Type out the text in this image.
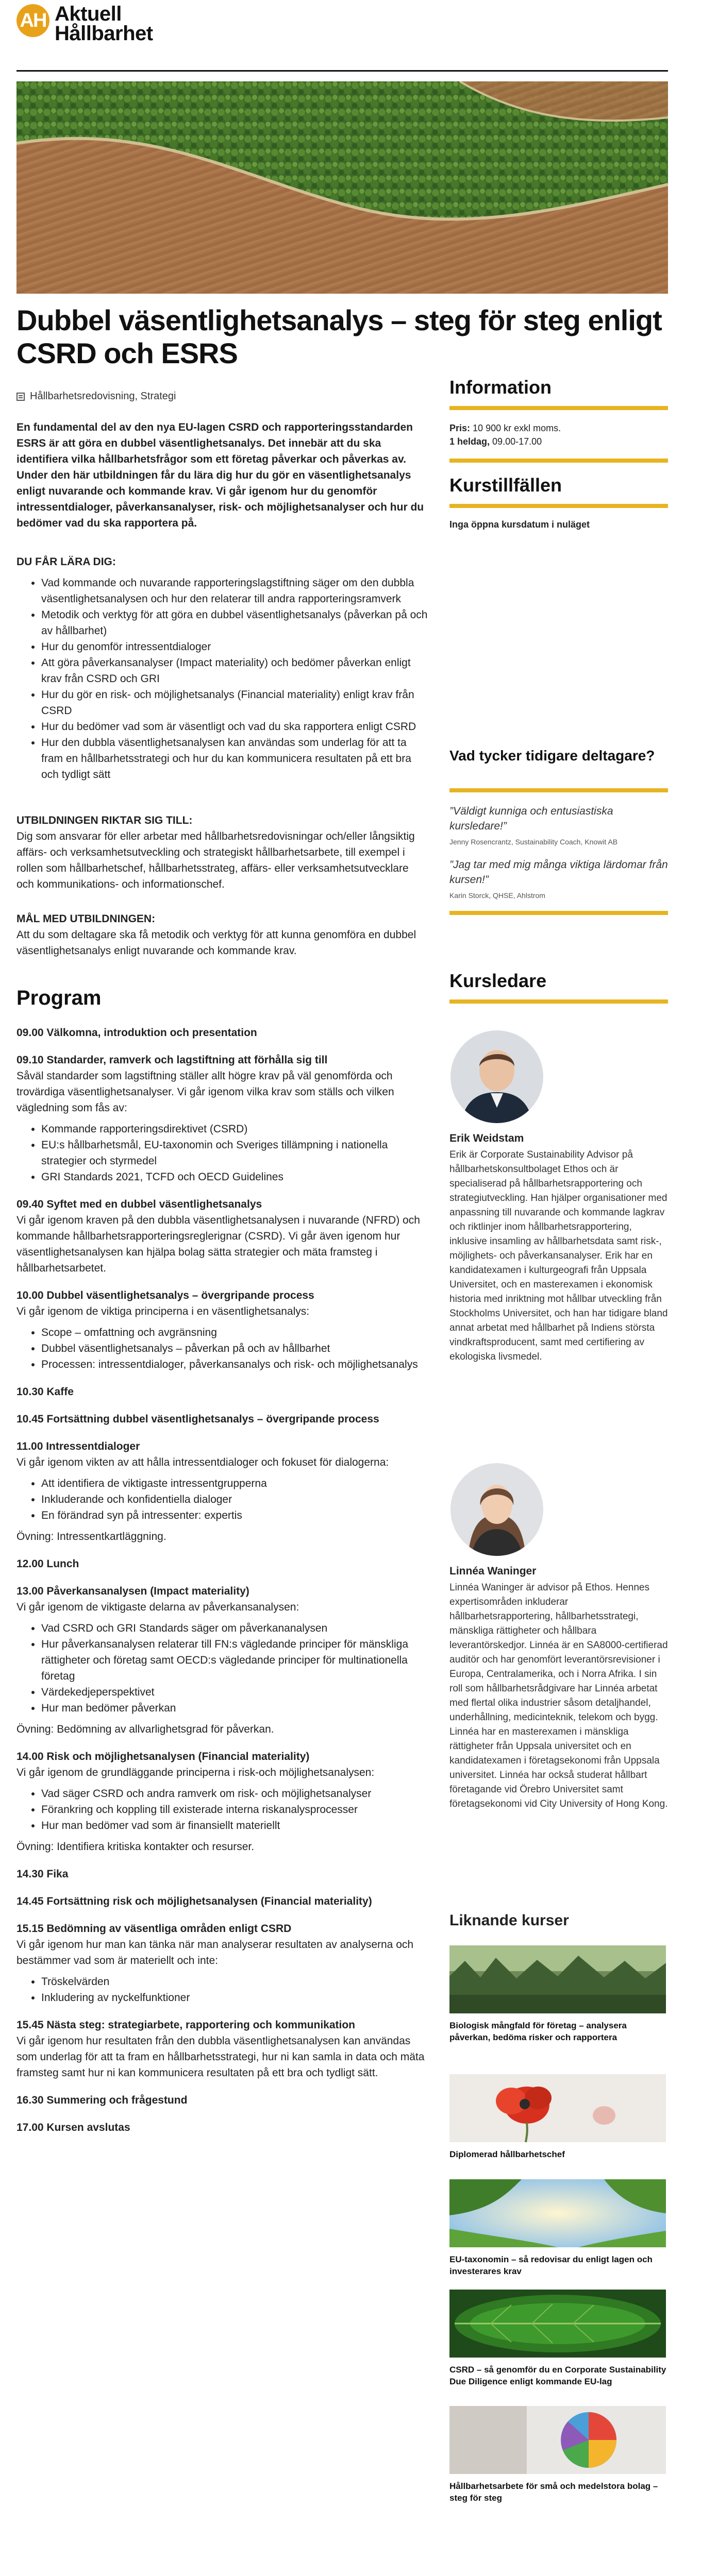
AH Aktuell
Hållbarhet
Dubbel väsentlighetsanalys – steg för steg enligt CSRD och ESRS
Hållbarhetsredovisning, Strategi

En fundamental del av den nya EU-lagen CSRD och rapporteringsstandarden ESRS är att göra en dubbel väsentlighetsanalys. Det innebär att du ska identifiera vilka hållbarhetsfrågor som ett företag påverkar och påverkas av. Under den här utbildningen får du lära dig hur du gör en väsentlighetsanalys enligt nuvarande och kommande krav. Vi går igenom hur du genomför intressentdialoger, påverkansanalyser, risk- och möjlighetsanalyser och hur du bedömer vad du ska rapportera på.

DU FÅR LÄRA DIG:

• Vad kommande och nuvarande rapporteringslagstiftning säger om den dubbla väsentlighetsanalysen och hur den relaterar till andra rapporteringsramverk
• Metodik och verktyg för att göra en dubbel väsentlighetsanalys (påverkan på och av hållbarhet)
• Hur du genomför intressentdialoger
• Att göra påverkansanalyser (Impact materiality) och bedömer påverkan enligt krav från CSRD och GRI
• Hur du gör en risk- och möjlighetsanalys (Financial materiality) enligt krav från CSRD
• Hur du bedömer vad som är väsentligt och vad du ska rapportera enligt CSRD
• Hur den dubbla väsentlighetsanalysen kan användas som underlag för att ta fram en hållbarhetsstrategi och hur du kan kommunicera resultaten på ett bra och tydligt sätt

UTBILDNINGEN RIKTAR SIG TILL:

Dig som ansvarar för eller arbetar med hållbarhetsredovisningar och/eller långsiktig affärs- och verksamhetsutveckling och strategiskt hållbarhetsarbete, till exempel i rollen som hållbarhetschef, hållbarhetsstrateg, affärs- eller verksamhetsutvecklare och kommunikations- och informationschef.

MÅL MED UTBILDNINGEN:

Att du som deltagare ska få metodik och verktyg för att kunna genomföra en dubbel väsentlighetsanalys enligt nuvarande och kommande krav.

Program

09.00 Välkomna, introduktion och presentation

09.10 Standarder, ramverk och lagstiftning att förhålla sig till

Såväl standarder som lagstiftning ställer allt högre krav på väl genomförda och trovärdiga väsentlighetsanalyser. Vi går igenom vilka krav som ställs och vilken vägledning som fås av:

• Kommande rapporteringsdirektivet (CSRD)
• EU:s hållbarhetsmål, EU-taxonomin och Sveriges tillämpning i nationella strategier och styrmedel
• GRI Standards 2021, TCFD och OECD Guidelines

09.40 Syftet med en dubbel väsentlighetsanalys

Vi går igenom kraven på den dubbla väsentlighetsanalysen i nuvarande (NFRD) och kommande hållbarhetsrapporteringsreglerignar (CSRD). Vi går även igenom hur väsentlighetsanalysen kan hjälpa bolag sätta strategier och mäta framsteg i hållbarhetsarbetet.

10.00 Dubbel väsentlighetsanalys – övergripande process

Vi går igenom de viktiga principerna i en väsentlighetsanalys:

• Scope – omfattning och avgränsning
• Dubbel väsentlighetsanalys – påverkan på och av hållbarhet
• Processen: intressentdialoger, påverkansanalys och risk- och möjlighetsanalys

10.30 Kaffe

10.45 Fortsättning dubbel väsentlighetsanalys – övergripande process

11.00 Intressentdialoger

Vi går igenom vikten av att hålla intressentdialoger och fokuset för dialogerna:

• Att identifiera de viktigaste intressentgrupperna
• Inkluderande och konfidentiella dialoger
• En förändrad syn på intressenter: expertis

Övning: Intressentkartläggning.

12.00 Lunch

13.00 Påverkansanalysen (Impact materiality)

Vi går igenom de viktigaste delarna av påverkansanalysen:

• Vad CSRD och GRI Standards säger om påverkananalysen
• Hur påverkansanalysen relaterar till FN:s vägledande principer för mänskliga rättigheter och företag samt OECD:s vägledande principer för multinationella företag
• Värdekedjeperspektivet
• Hur man bedömer påverkan

Övning: Bedömning av allvarlighetsgrad för påverkan.

14.00 Risk och möjlighetsanalysen (Financial materiality)

Vi går igenom de grundläggande principerna i risk-och möjlighetsanalysen:

• Vad säger CSRD och andra ramverk om risk- och möjlighetsanalyser
• Förankring och koppling till existerade interna riskanalysprocesser
• Hur man bedömer vad som är finansiellt materiellt

Övning: Identifiera kritiska kontakter och resurser.

14.30 Fika

14.45 Fortsättning risk och möjlighetsanalysen (Financial materiality)

15.15 Bedömning av väsentliga områden enligt CSRD

Vi går igenom hur man kan tänka när man analyserar resultaten av analyserna och bestämmer vad som är materiellt och inte:

• Tröskelvärden
• Inkludering av nyckelfunktioner

15.45 Nästa steg: strategiarbete, rapportering och kommunikation

Vi går igenom hur resultaten från den dubbla väsentlighetsanalysen kan användas som underlag för att ta fram en hållbarhetsstrategi, hur ni kan samla in data och mäta framsteg samt hur ni kan kommunicera resultaten på ett bra och tydligt sätt.

16.30 Summering och frågestund

17.00 Kursen avslutas

Information
Pris: 10 900 kr exkl moms.
1 heldag, 09.00-17.00
Kurstillfällen

Inga öppna kursdatum i nuläget

Vad tycker tidigare deltagare?

”Väldigt kunniga och entusiastiska kursledare!”

Jenny Rosencrantz, Sustainability Coach, Knowit AB

”Jag tar med mig många viktiga lärdomar från kursen!”

Karin Storck, QHSE, Ahlstrom

Kursledare

Erik Weidstam

Erik är Corporate Sustainability Advisor på hållbarhetskonsultbolaget Ethos och är specialiserad på hållbarhetsrapportering och strategiutveckling. Han hjälper organisationer med anpassning till nuvarande och kommande lagkrav och riktlinjer inom hållbarhetsrapportering, inklusive insamling av hållbarhetsdata samt risk-, möjlighets- och påverkansanalyser. Erik har en kandidatexamen i kulturgeografi från Uppsala Universitet, och en masterexamen i ekonomisk historia med inriktning mot hållbar utveckling från Stockholms Universitet, och han har tidigare bland annat arbetat med hållbarhet på Indiens största vindkraftsproducent, samt med certifiering av ekologiska livsmedel.

Linnéa Waninger

Linnéa Waninger är advisor på Ethos. Hennes expertisområden inkluderar hållbarhetsrapportering, hållbarhetsstrategi, mänskliga rättigheter och hållbara leverantörskedjor. Linnéa är en SA8000-certifierad auditör och har genomfört leverantörsrevisioner i Europa, Centralamerika, och i Norra Afrika. I sin roll som hållbarhetsrådgivare har Linnéa arbetat med flertal olika industrier såsom detaljhandel, underhållning, medicinteknik, telekom och bygg. Linnéa har en masterexamen i mänskliga rättigheter från Uppsala universitet och en kandidatexamen i företagsekonomi från Uppsala universitet. Linnéa har också studerat hållbart företagande vid Örebro Universitet samt företagsekonomi vid City University of Hong Kong.

Liknande kurser

Biologisk mångfald för företag – analysera påverkan, bedöma risker och rapportera

Diplomerad hållbarhetschef

EU-taxonomin – så redovisar du enligt lagen och investerares krav

CSRD – så genomför du en Corporate Sustainability Due Diligence enligt kommande EU-lag

Hållbarhetsarbete för små och medelstora bolag – steg för steg
